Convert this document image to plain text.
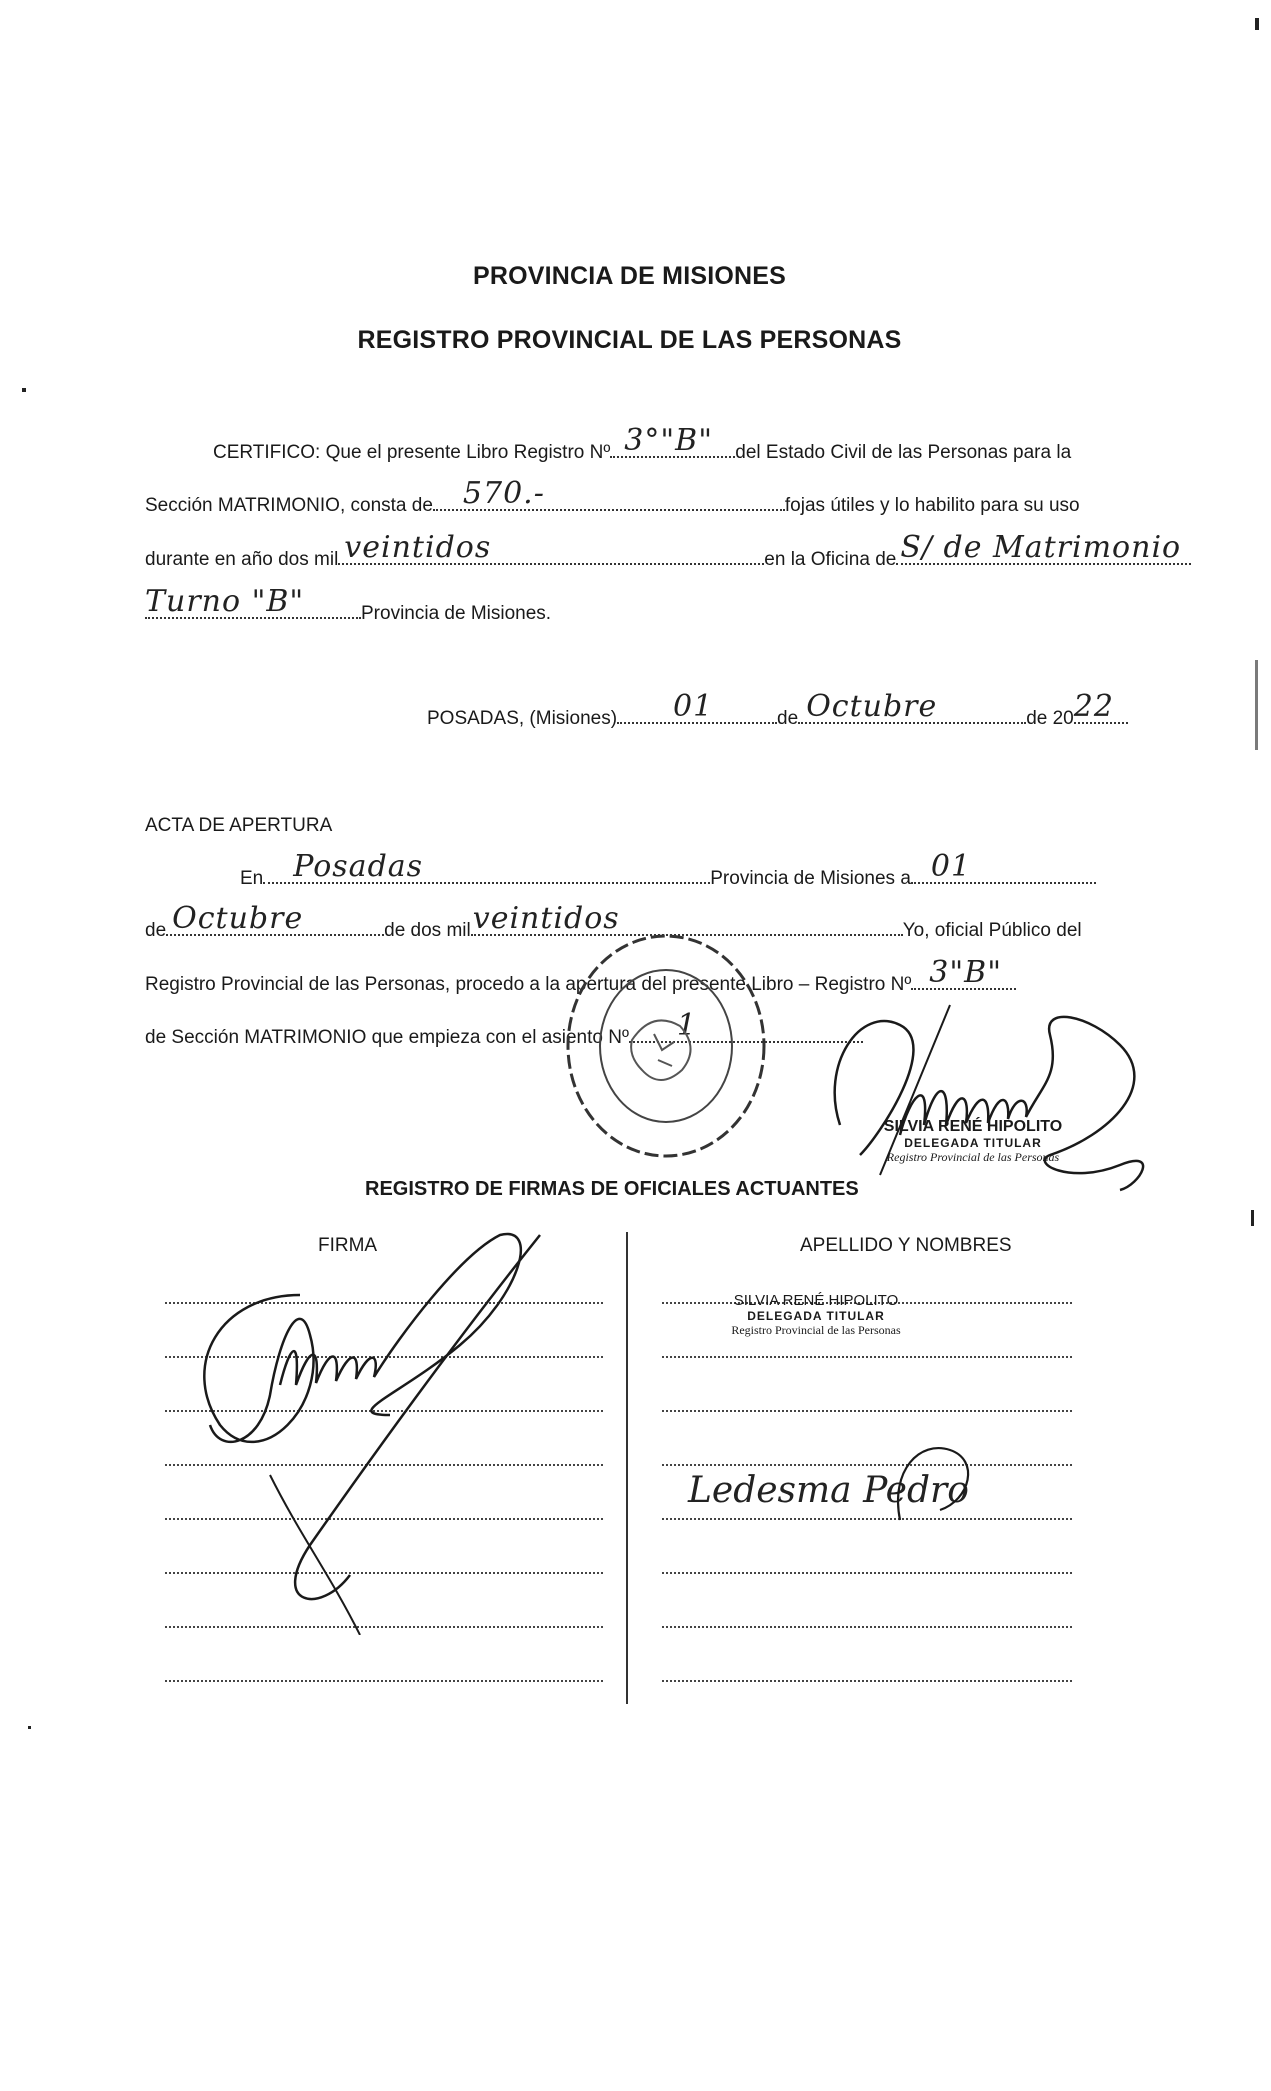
PROVINCIA DE MISIONES
REGISTRO PROVINCIAL DE LAS PERSONAS
CERTIFICO: Que el presente Libro Registro Nº 3°"B" del Estado Civil de las Personas para la
Sección MATRIMONIO, consta de 570.-	fojas útiles y lo habilito para su uso
durante en año dos mil veintidos	en la Oficina de S/ de Matrimonio
Turno "B"	Provincia de Misiones.
POSADAS, (Misiones) 01	de Octubre	de 20 22
ACTA DE APERTURA
En Posadas	Provincia de Misiones a 01
de Octubre	de dos mil veintidos	Yo, oficial Público del
Registro Provincial de las Personas, procedo a la apertura del presente Libro – Registro Nº 3"B"
de Sección MATRIMONIO que empieza con el asiento Nº 1
SILVIA RENÉ HIPOLITO
DELEGADA TITULAR
Registro Provincial de las Personas
REGISTRO DE FIRMAS DE OFICIALES ACTUANTES
FIRMA	APELLIDO Y NOMBRES
SILVIA RENÉ HIPOLITO
DELEGADA TITULAR
Registro Provincial de las Personas
Ledesma Pedro
